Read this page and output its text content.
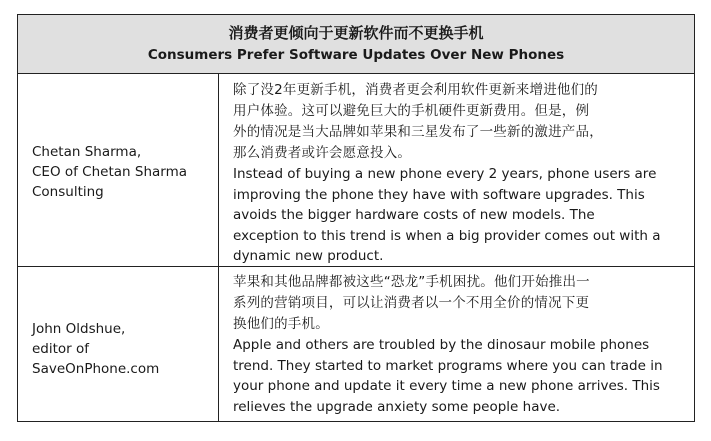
消费者更倾向于更新软件而不更换手机
Consumers Prefer Software Updates Over New Phones
Chetan Sharma,
CEO of Chetan Sharma
Consulting
除了没2年更新手机，消费者更会利用软件更新来增进他们的
用户体验。这可以避免巨大的手机硬件更新费用。但是，例
外的情况是当大品牌如苹果和三星发布了一些新的激进产品，
那么消费者或许会愿意投入。
Instead of buying a new phone every 2 years, phone users are
improving the phone they have with software upgrades. This
avoids the bigger hardware costs of new models. The
exception to this trend is when a big provider comes out with a
dynamic new product.
John Oldshue,
editor of
SaveOnPhone.com
苹果和其他品牌都被这些“恐龙”手机困扰。他们开始推出一
系列的营销项目，可以让消费者以一个不用全价的情况下更
换他们的手机。
Apple and others are troubled by the dinosaur mobile phones
trend. They started to market programs where you can trade in
your phone and update it every time a new phone arrives. This
relieves the upgrade anxiety some people have.
